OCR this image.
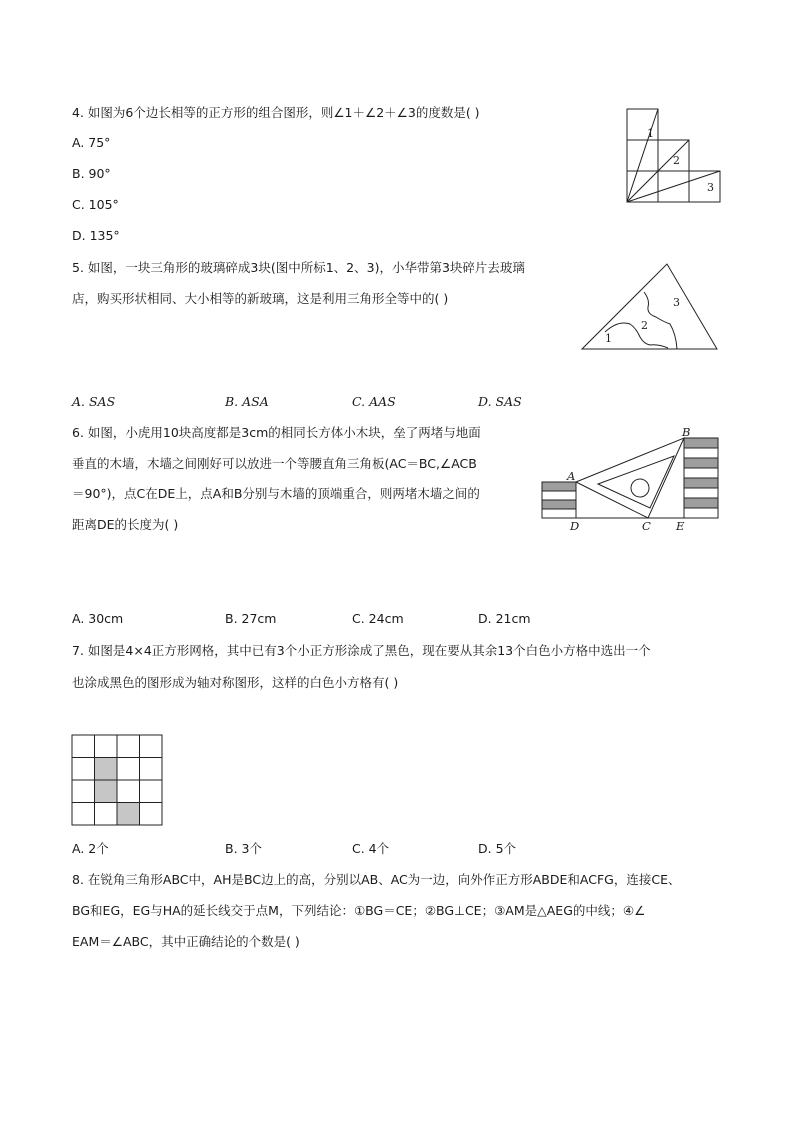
4. 如图为6个边长相等的正方形的组合图形，则∠1＋∠2＋∠3的度数是( )
A. 75°
B. 90°
C. 105°
D. 135°
1
2
3
5. 如图，一块三角形的玻璃碎成3块(图中所标1、2、3)，小华带第3块碎片去玻璃
店，购买形状相同、大小相等的新玻璃，这是利用三角形全等中的( )
1
2
3
A. SAS	B. ASA	C. AAS	D. SAS
6. 如图，小虎用10块高度都是3cm的相同长方体小木块，垒了两堵与地面
垂直的木墙，木墙之间刚好可以放进一个等腰直角三角板(AC＝BC,∠ACB
＝90°)，点C在DE上，点A和B分别与木墙的顶端重合，则两堵木墙之间的
距离DE的长度为( )
A
B
C
D	E
A. 30cm	B. 27cm	C. 24cm	D. 21cm
7. 如图是4×4正方形网格，其中已有3个小正方形涂成了黑色，现在要从其余13个白色小方格中选出一个
也涂成黑色的图形成为轴对称图形，这样的白色小方格有( )
A. 2个	B. 3个	C. 4个	D. 5个
8. 在锐角三角形ABC中，AH是BC边上的高，分别以AB、AC为一边，向外作正方形ABDE和ACFG，连接CE、
BG和EG，EG与HA的延长线交于点M，下列结论：①BG＝CE；②BG⊥CE；③AM是△AEG的中线；④∠
EAM＝∠ABC，其中正确结论的个数是( )
